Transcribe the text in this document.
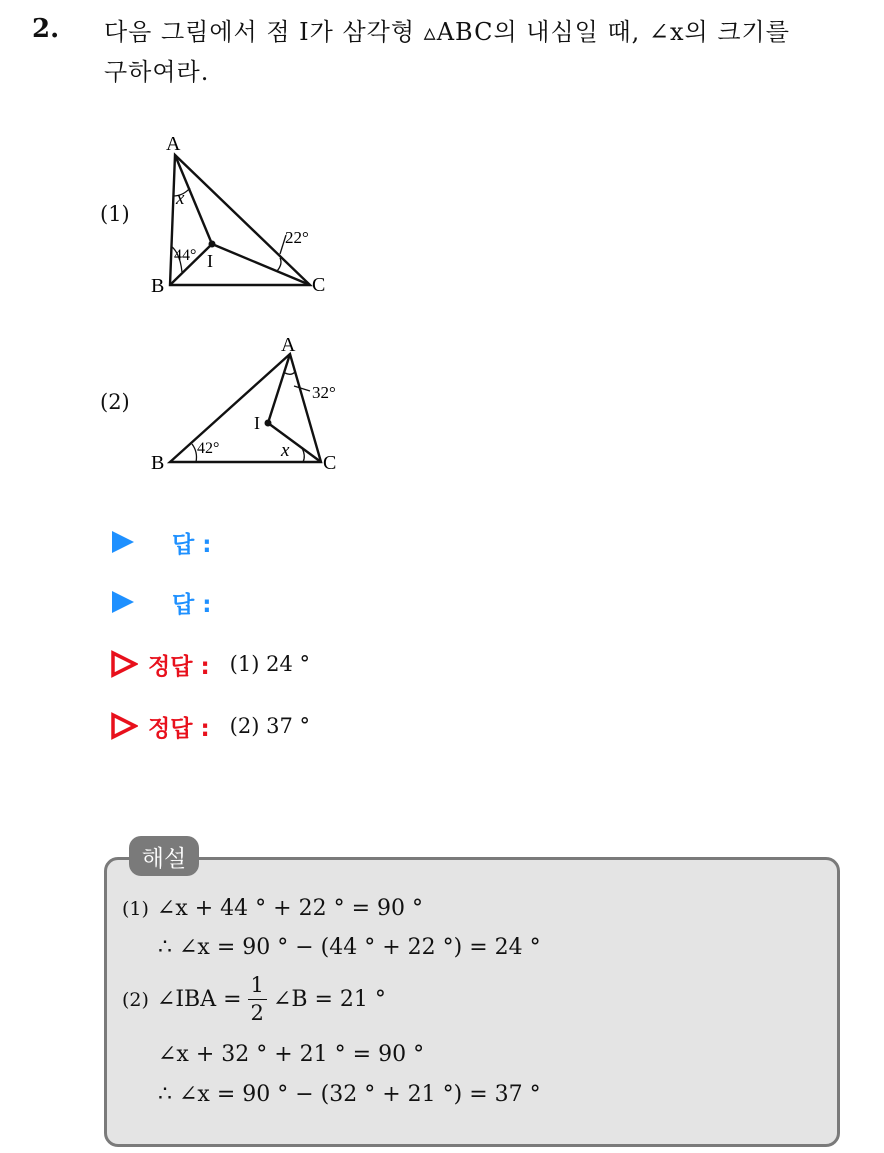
2. 다음 그림에서 점 I가 삼각형 ▵ABC의 내심일 때, ∠x의 크기를
구하여라.
(1)
A
B	C
I
x
44°
22°
(2)
A
B	C
I
32°
42°	x
답 :
답 :
정답 : (1) 24 °
정답 : (2) 37 °
해설
(1) ∠x + 44 ° + 22 ° = 90 °
∴ ∠x = 90 ° − (44 ° + 22 °) = 24 °
(2) ∠IBA = $\frac{1}{2}$ ∠B = 21 °
∠x + 32 ° + 21 ° = 90 °
∴ ∠x = 90 ° − (32 ° + 21 °) = 37 °
